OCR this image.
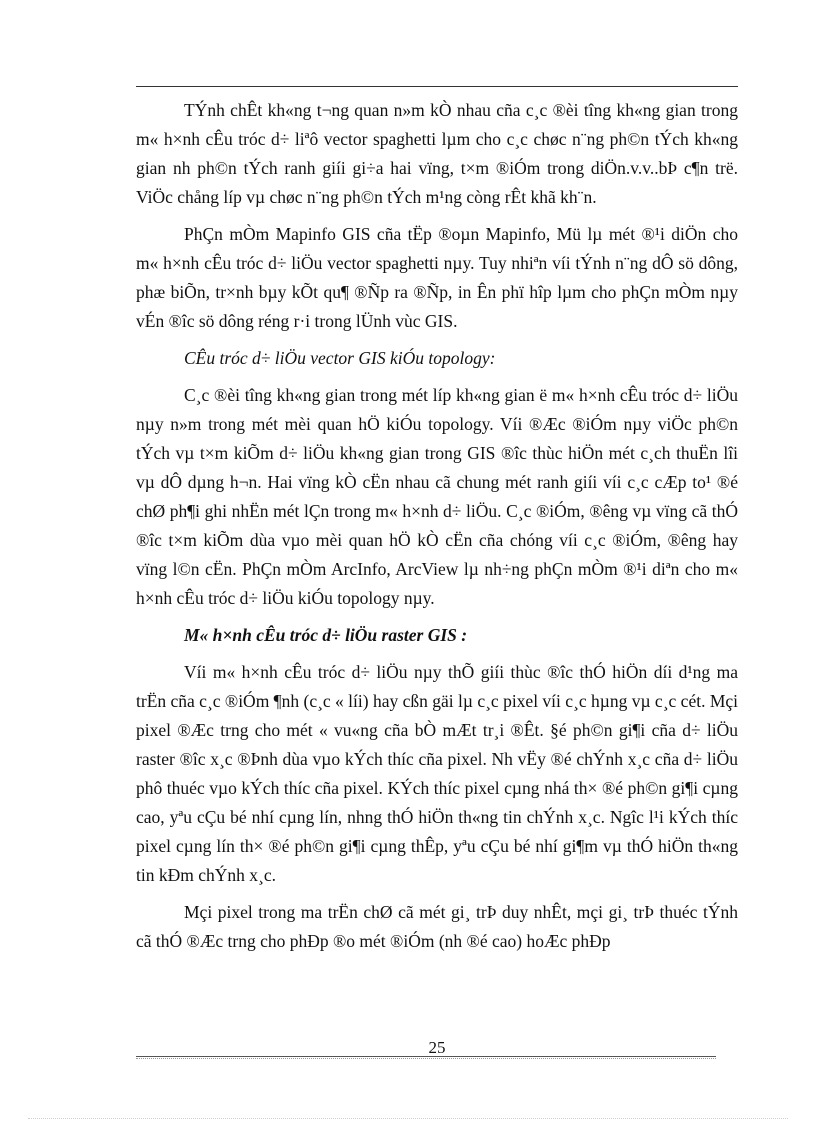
TÝnh chÊt kh«ng t¬ng quan n»m kÒ nhau cña c¸c ®èi tîng kh«ng gian trong m« h×nh cÊu tróc d÷ liªô vector spaghetti lµm cho c¸c chøc n¨ng ph©n tÝch kh«ng gian nh ph©n tÝch ranh giíi gi÷a hai vïng, t×m ®iÓm trong diÖn.v.v..bÞ c¶n trë. ViÖc chång líp vµ chøc n¨ng ph©n tÝch m¹ng còng rÊt khã kh¨n.

PhÇn mÒm Mapinfo GIS cña tËp ®oµn Mapinfo, Mü lµ mét ®¹i diÖn cho m« h×nh cÊu tróc d÷ liÖu vector spaghetti nµy. Tuy nhiªn víi tÝnh n¨ng dÔ sö dông, phæ biÕn, tr×nh bµy kÕt qu¶ ®Ñp ra ®Ñp, in Ên phï hîp lµm cho phÇn mÒm nµy vÉn ®îc sö dông réng r·i trong lÜnh vùc GIS.

CÊu tróc d÷ liÖu vector GIS kiÓu topology:

C¸c ®èi tîng kh«ng gian trong mét líp kh«ng gian ë m« h×nh cÊu tróc d÷ liÖu nµy n»m trong mét mèi quan hÖ kiÓu topology. Víi ®Æc ®iÓm nµy viÖc ph©n tÝch vµ t×m kiÕm d÷ liÖu kh«ng gian trong GIS ®îc thùc hiÖn mét c¸ch thuËn lîi vµ dÔ dµng h¬n. Hai vïng kÒ cËn nhau cã chung mét ranh giíi víi c¸c cÆp to¹ ®é chØ ph¶i ghi nhËn mét lÇn trong m« h×nh d÷ liÖu. C¸c ®iÓm, ®êng vµ vïng cã thÓ ®îc t×m kiÕm dùa vµo mèi quan hÖ kÒ cËn cña chóng víi c¸c ®iÓm, ®êng hay vïng l©n cËn. PhÇn mÒm ArcInfo, ArcView lµ nh÷ng phÇn mÒm ®¹i diªn cho m« h×nh cÊu tróc d÷ liÖu kiÓu topology nµy.

M« h×nh cÊu tróc d÷ liÖu raster GIS :

Víi m« h×nh cÊu tróc d÷ liÖu nµy thÕ giíi thùc ®îc thÓ hiÖn díi d¹ng ma trËn cña c¸c ®iÓm ¶nh (c¸c « líi) hay cßn gäi lµ c¸c pixel víi c¸c hµng vµ c¸c cét. Mçi pixel ®Æc trng cho mét « vu«ng cña bÒ mÆt tr¸i ®Êt. §é ph©n gi¶i cña d÷ liÖu raster ®îc x¸c ®Þnh dùa vµo kÝch thíc cña pixel. Nh vËy ®é chÝnh x¸c cña d÷ liÖu phô thuéc vµo kÝch thíc cña pixel. KÝch thíc pixel cµng nhá th× ®é ph©n gi¶i cµng cao, yªu cÇu bé nhí cµng lín, nhng thÓ hiÖn th«ng tin chÝnh x¸c. Ngîc l¹i kÝch thíc pixel cµng lín th× ®é ph©n gi¶i cµng thÊp, yªu cÇu bé nhí gi¶m vµ thÓ hiÖn th«ng tin kÐm chÝnh x¸c.

Mçi pixel trong ma trËn chØ cã mét gi¸ trÞ duy nhÊt, mçi gi¸ trÞ thuéc tÝnh cã thÓ ®Æc trng cho phÐp ®o mét ®iÓm (nh ®é cao) hoÆc phÐp

25
